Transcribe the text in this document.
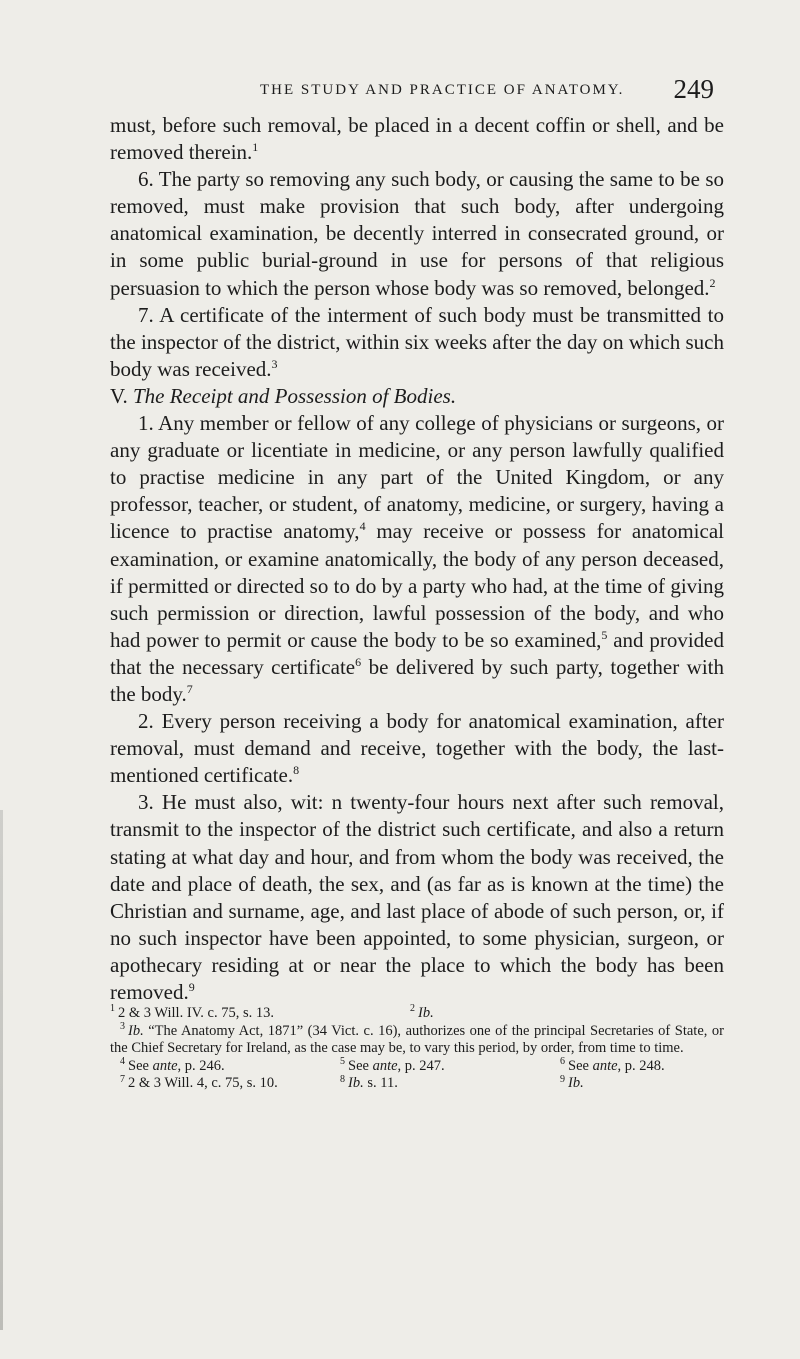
THE STUDY AND PRACTICE OF ANATOMY. 249

must, before such removal, be placed in a decent coffin or shell, and be removed therein.$^1$

6. The party so removing any such body, or causing the same to be so removed, must make provision that such body, after undergoing anatomical examination, be decently interred in consecrated ground, or in some public burial-ground in use for persons of that religious persuasion to which the person whose body was so removed, belonged.$^2$

7. A certificate of the interment of such body must be transmitted to the inspector of the district, within six weeks after the day on which such body was received.$^3$

V. The Receipt and Possession of Bodies.

1. Any member or fellow of any college of physicians or surgeons, or any graduate or licentiate in medicine, or any person lawfully qualified to practise medicine in any part of the United Kingdom, or any professor, teacher, or student, of anatomy, medicine, or surgery, having a licence to practise anatomy,$^4$ may receive or possess for anatomical examination, or examine anatomically, the body of any person deceased, if permitted or directed so to do by a party who had, at the time of giving such permission or direction, lawful possession of the body, and who had power to permit or cause the body to be so examined,$^5$ and provided that the necessary certificate$^6$ be delivered by such party, together with the body.$^7$

2. Every person receiving a body for anatomical examination, after removal, must demand and receive, together with the body, the last-mentioned certificate.$^8$

3. He must also, wit: n twenty-four hours next after such removal, transmit to the inspector of the district such certificate, and also a return stating at what day and hour, and from whom the body was received, the date and place of death, the sex, and (as far as is known at the time) the Christian and surname, age, and last place of abode of such person, or, if no such inspector have been appointed, to some physician, surgeon, or apothecary residing at or near the place to which the body has been removed.$^9$

$^1$ 2 & 3 Will. IV. c. 75, s. 13.	$^2$ Ib.

$^3$ Ib. “The Anatomy Act, 1871” (34 Vict. c. 16), authorizes one of the principal Secretaries of State, or the Chief Secretary for Ireland, as the case may be, to vary this period, by order, from time to time.

$^4$ See ante, p. 246.	$^5$ See ante, p. 247.	$^6$ See ante, p. 248.
$^7$ 2 & 3 Will. 4, c. 75, s. 10.	$^8$ Ib. s. 11.	$^9$ Ib.
